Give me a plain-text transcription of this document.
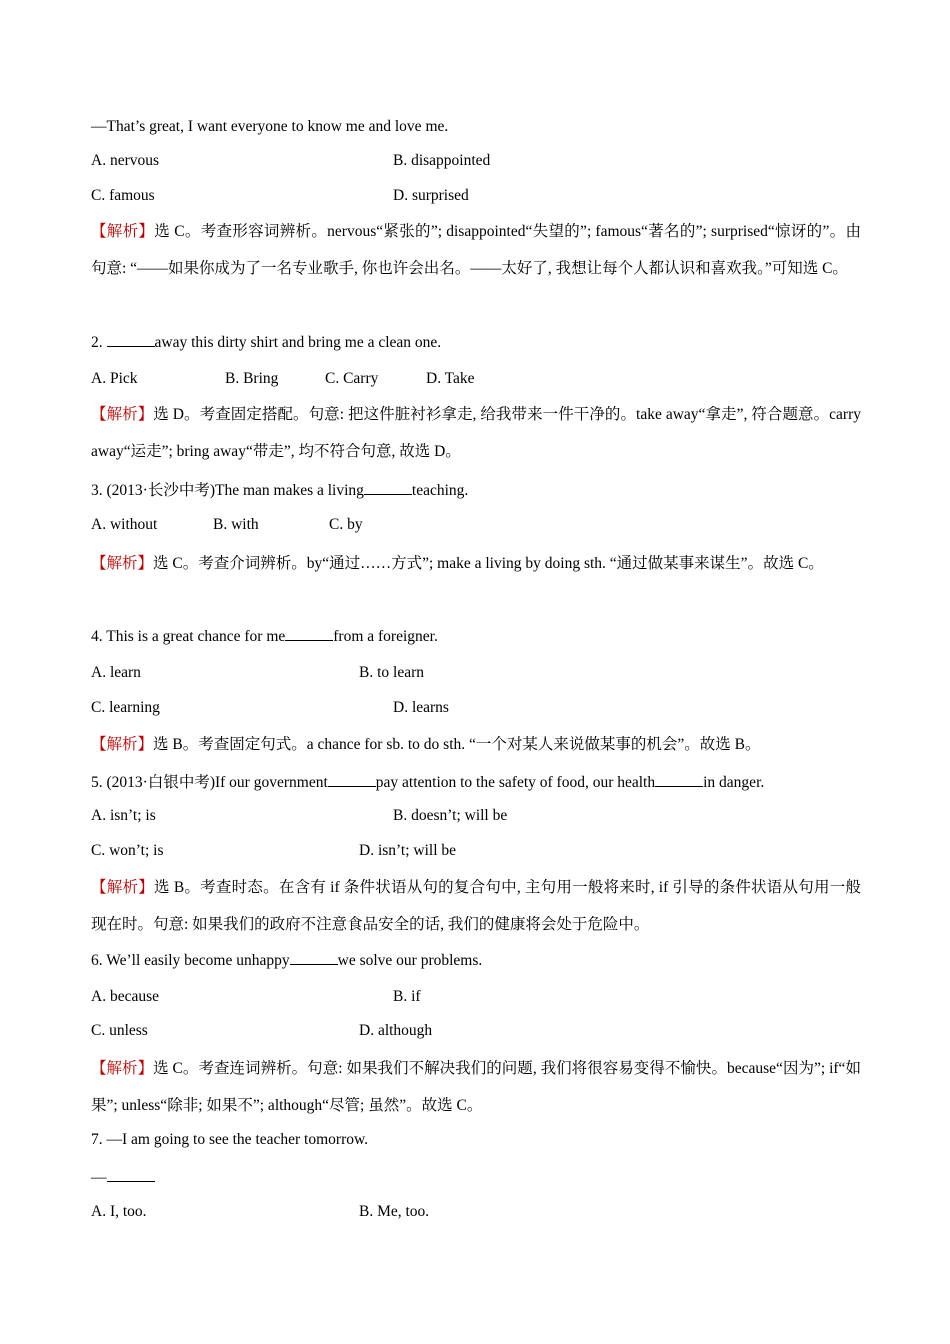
—That’s great, I want everyone to know me and love me.
A. nervous	B. disappointed
C. famous	D. surprised
【解析】选 C。考查形容词辨析。nervous“紧张的”; disappointed“失望的”; famous“著名的”; surprised“惊讶的”。由句意: “——如果你成为了一名专业歌手, 你也许会出名。——太好了, 我想让每个人都认识和喜欢我。”可知选 C。
2.	away this dirty shirt and bring me a clean one.
A. Pick	B. Bring	C. Carry	D. Take
【解析】选 D。考查固定搭配。句意: 把这件脏衬衫拿走, 给我带来一件干净的。take away“拿走”, 符合题意。carry away“运走”; bring away“带走”, 均不符合句意, 故选 D。
3. (2013·长沙中考)The man makes a living	teaching.
A. without	B. with	C. by
【解析】选 C。考查介词辨析。by“通过……方式”; make a living by doing sth. “通过做某事来谋生”。故选 C。
4. This is a great chance for me	from a foreigner.
A. learn	B. to learn
C. learning	D. learns
【解析】选 B。考查固定句式。a chance for sb. to do sth. “一个对某人来说做某事的机会”。故选 B。
5. (2013·白银中考)If our government	pay attention to the safety of food, our health	in danger.
A. isn’t; is	B. doesn’t; will be
C. won’t; is	D. isn’t; will be
【解析】选 B。考查时态。在含有 if 条件状语从句的复合句中, 主句用一般将来时, if 引导的条件状语从句用一般现在时。句意: 如果我们的政府不注意食品安全的话, 我们的健康将会处于危险中。
6. We’ll easily become unhappy	we solve our problems.
A. because	B. if
C. unless	D. although
【解析】选 C。考查连词辨析。句意: 如果我们不解决我们的问题, 我们将很容易变得不愉快。because“因为”; if“如果”; unless“除非; 如果不”; although“尽管; 虽然”。故选 C。
7. —I am going to see the teacher tomorrow.
—
A. I, too.	B. Me, too.
